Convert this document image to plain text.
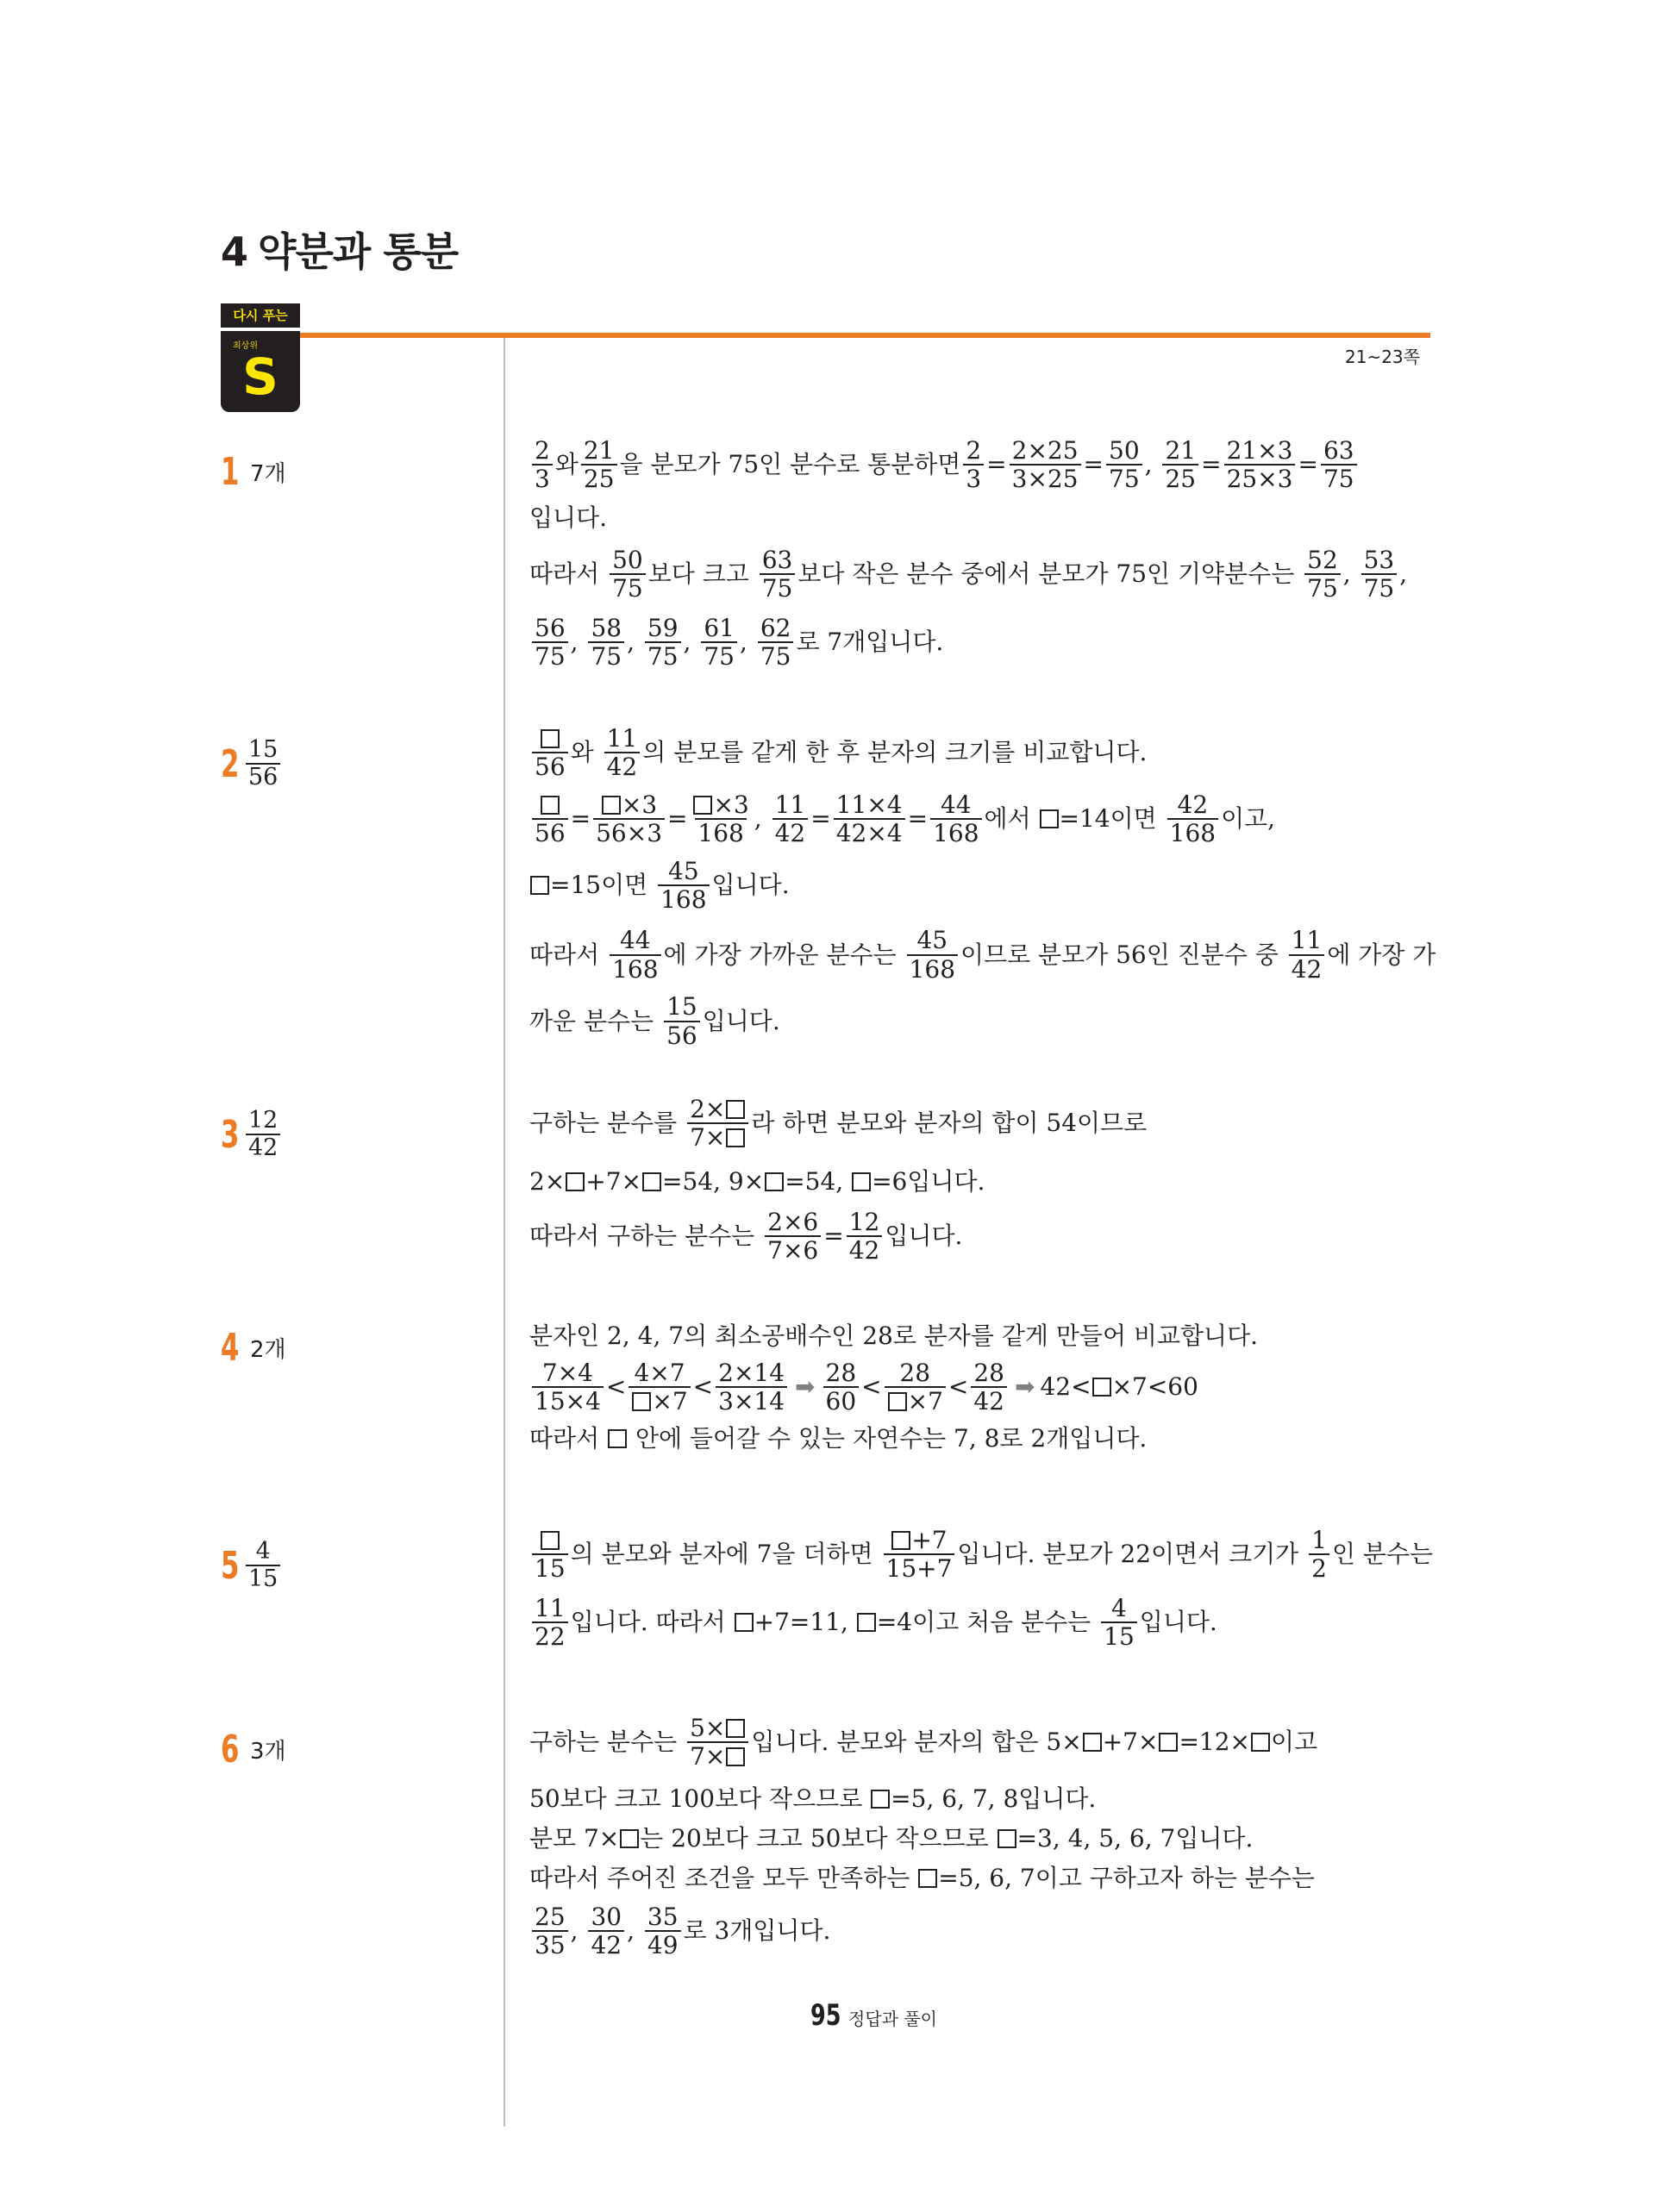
4 약분과 통분
다시 푸는
최상위
S	21~23쪽
1 7개
2 15
56
3 12
42
4 2개
5 4
15
6 3개
2
3
와 21
25
을 분모가 75인 분수로 통분하면 2
3
= 2×25
3×25
= 50
75
, 21
25
= 21×3
25×3
= 63
75
입니다.
따라서
50
75
보다 크고
63
75
보다 작은 분수 중에서 분모가 75인 기약분수는
52
75
, 53
75
,
56
75
, 58
75
, 59
75
, 61
75
, 62
75
로 7개입니다.
56
와
11
42
의 분모를 같게 한 후 분자의 크기를 비교합니다.
56
= $\frac{\times 3}{56\times 3}$ =	×3
168
, 11
42
= 11×4
42×4
= 44
168
에서
=14이면
42
168
이고,
=15이면
45
168
입니다.
따라서
44
168
에 가장 가까운 분수는
45
168
이므로 분모가 56인 진분수 중
11
42
에 가장 가
까운 분수는
15
56
입니다.
구하는 분수를
2×
7×
라 하면 분모와 분자의 합이 54이므로
2× +7× =54, 9× =54, =6입니다.
따라서 구하는 분수는
2×6
7×6
= 12
42
입니다.
분자인 2, 4, 7의 최소공배수인 28로 분자를 같게 만들어 비교합니다.
7×4
15×4
< 4×7
×7
< 2×14
3×14
➡ 28
60
< 28
×7
< 28
42
➡ 42< ×7<60
따라서

안에 들어갈 수 있는 자연수는 7, 8로 2개입니다.
15
의 분모와 분자에 7을 더하면
	+7
15+7
입니다. 분모가 22이면서 크기가
1
2
인 분수는
11
22
입니다. 따라서
+7=11, =4이고 처음 분수는
4
15
입니다.
구하는 분수는
5×
7×
입니다. 분모와 분자의 합은 5× +7× =12× 이고
50보다 크고 100보다 작으므로
=5, 6, 7, 8입니다.
분모 7× 는 20보다 크고 50보다 작으므로
=3, 4, 5, 6, 7입니다.
따라서 주어진 조건을 모두 만족하는
=5, 6, 7이고 구하고자 하는 분수는
25
35
, 30
42
, 35
49
로 3개입니다.
95 정답과 풀이
